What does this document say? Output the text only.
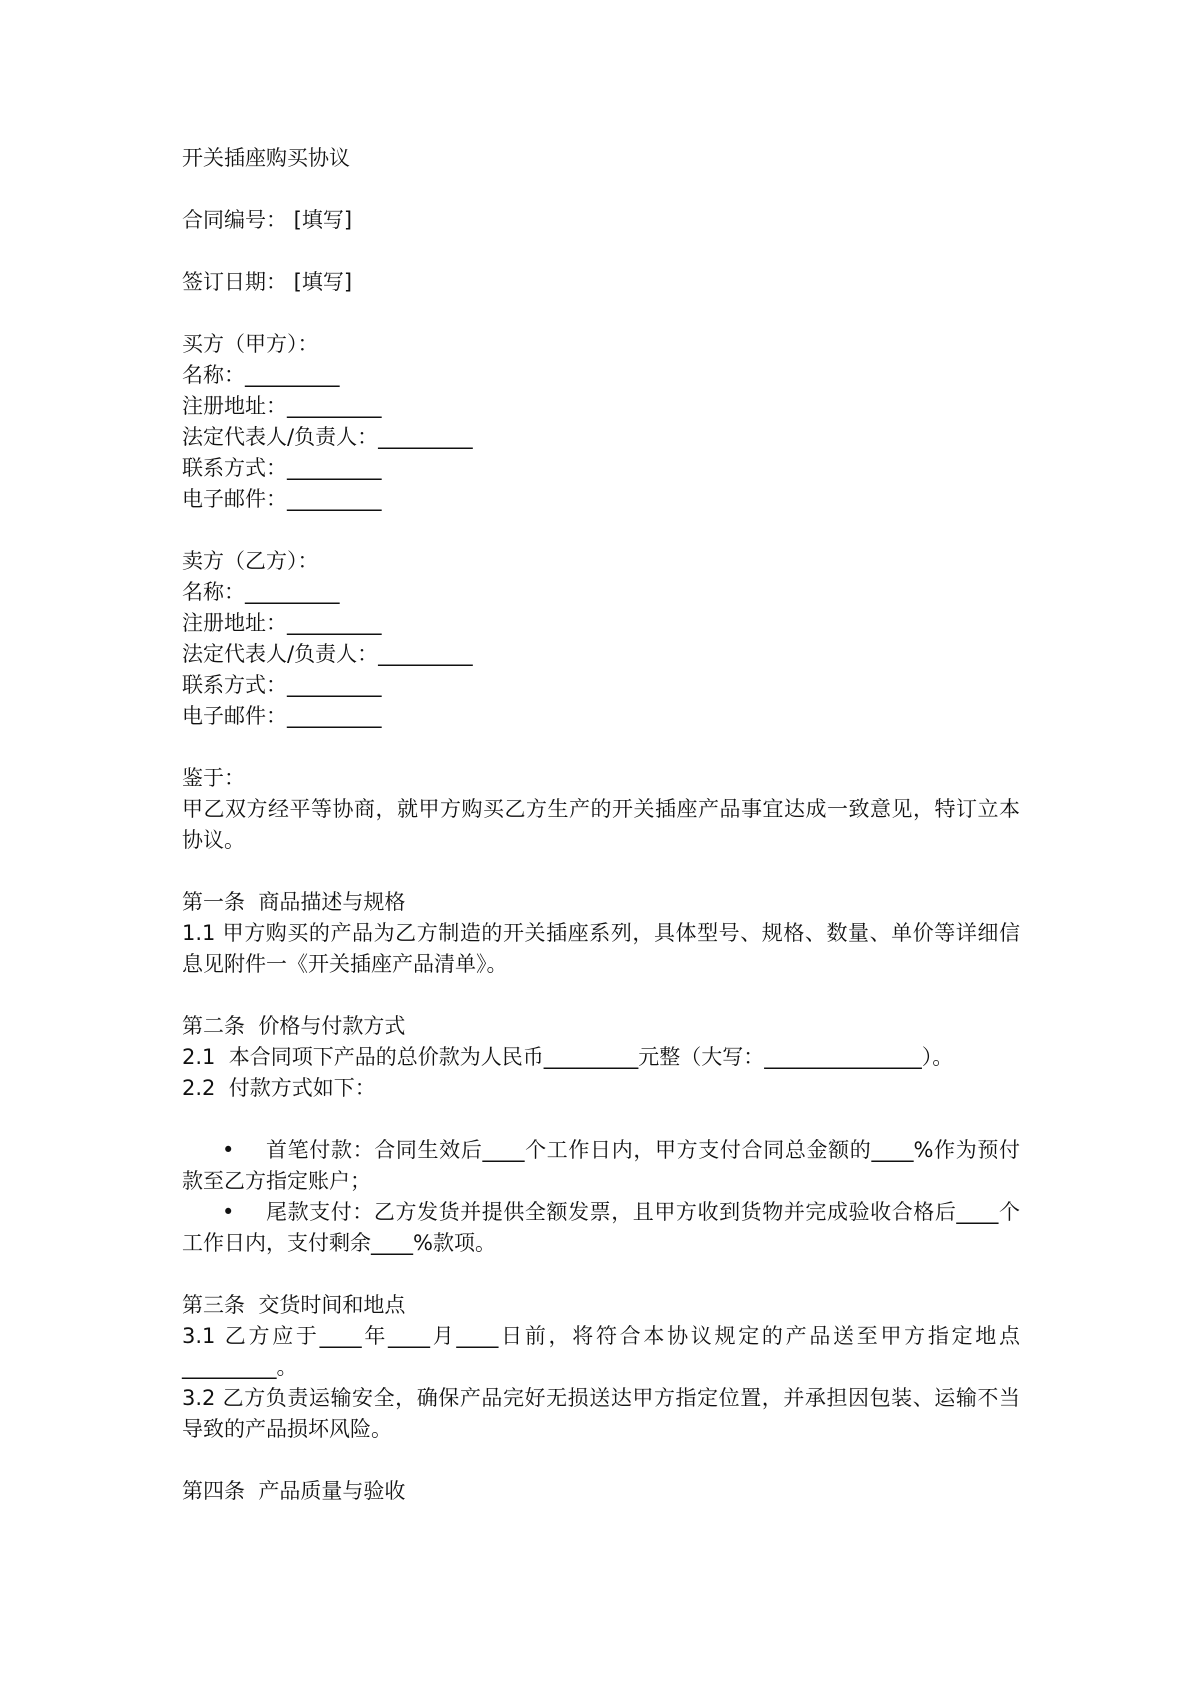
开关插座购买协议
合同编号： [填写]
签订日期： [填写]
买方（甲方）：
名称：_________
注册地址：_________
法定代表人/负责人：_________
联系方式：_________
电子邮件：_________
卖方（乙方）：
名称：_________
注册地址：_________
法定代表人/负责人：_________
联系方式：_________
电子邮件：_________
鉴于：
甲乙双方经平等协商，就甲方购买乙方生产的开关插座产品事宜达成一致意见，特订立本协议。
第一条  商品描述与规格
1.1 甲方购买的产品为乙方制造的开关插座系列，具体型号、规格、数量、单价等详细信息见附件一《开关插座产品清单》。
第二条  价格与付款方式
2.1  本合同项下产品的总价款为人民币_________元整（大写：_______________）。
2.2  付款方式如下：
• 首笔付款：合同生效后____个工作日内，甲方支付合同总金额的____%作为预付款至乙方指定账户；
• 尾款支付：乙方发货并提供全额发票，且甲方收到货物并完成验收合格后____个工作日内，支付剩余____%款项。
第三条  交货时间和地点
3.1 乙方应于____年____月____日前，将符合本协议规定的产品送至甲方指定地点_________。
3.2 乙方负责运输安全，确保产品完好无损送达甲方指定位置，并承担因包装、运输不当导致的产品损坏风险。
第四条  产品质量与验收
